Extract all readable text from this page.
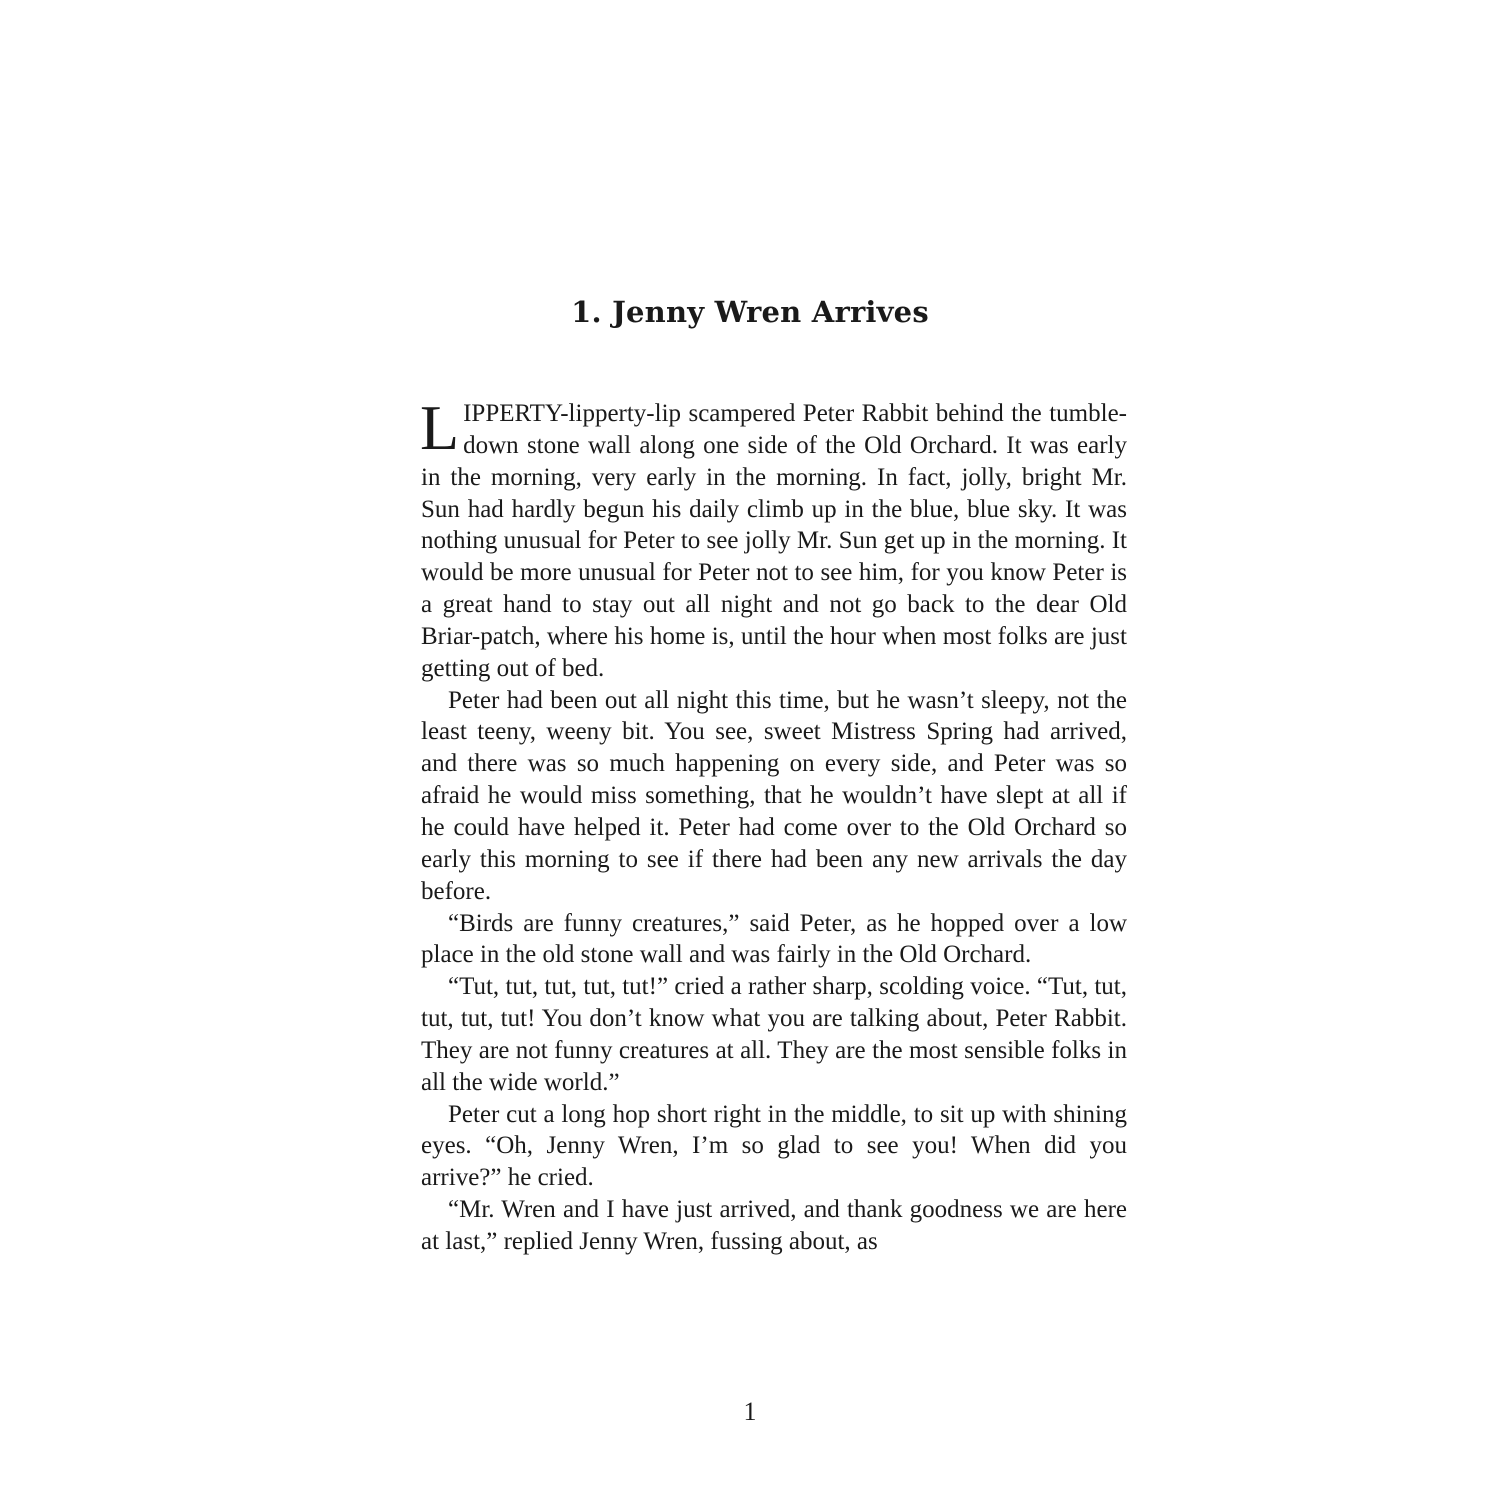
1. Jenny Wren Arrives

LIPPERTY-lipperty-lip scampered Peter Rabbit behind the tumble-down stone wall along one side of the Old Orchard. It was early in the morning, very early in the morning. In fact, jolly, bright Mr. Sun had hardly begun his daily climb up in the blue, blue sky. It was nothing unusual for Peter to see jolly Mr. Sun get up in the morning. It would be more unusual for Peter not to see him, for you know Peter is a great hand to stay out all night and not go back to the dear Old Briar-patch, where his home is, until the hour when most folks are just getting out of bed.

Peter had been out all night this time, but he wasn’t sleepy, not the least teeny, weeny bit. You see, sweet Mistress Spring had arrived, and there was so much happening on every side, and Peter was so afraid he would miss something, that he wouldn’t have slept at all if he could have helped it. Peter had come over to the Old Orchard so early this morning to see if there had been any new arrivals the day before.

“Birds are funny creatures,” said Peter, as he hopped over a low place in the old stone wall and was fairly in the Old Orchard.

“Tut, tut, tut, tut, tut!” cried a rather sharp, scolding voice. “Tut, tut, tut, tut, tut! You don’t know what you are talking about, Peter Rabbit. They are not funny creatures at all. They are the most sensible folks in all the wide world.”

Peter cut a long hop short right in the middle, to sit up with shining eyes. “Oh, Jenny Wren, I’m so glad to see you! When did you arrive?” he cried.

“Mr. Wren and I have just arrived, and thank goodness we are here at last,” replied Jenny Wren, fussing about, as

1
